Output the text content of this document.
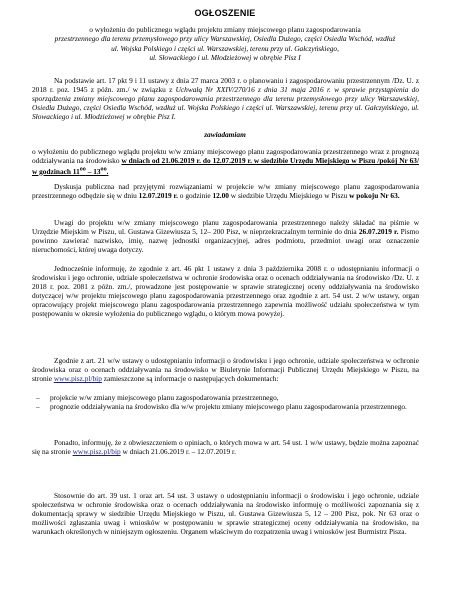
OGŁOSZENIE
o wyłożeniu do publicznego wglądu projektu zmiany miejscowego planu zagospodarowania
przestrzennego dla terenu przemysłowego przy ulicy Warszawskiej, Osiedla Dużego, części Osiedla Wschód, wzdłuż
ul. Wojska Polskiego i części ul. Warszawskiej, terenu przy ul. Gałczyńskiego,
ul. Słowackiego i ul. Młodzieżowej w obrębie Pisz I

Na podstawie art. 17 pkt 9 i 11 ustawy z dnia 27 marca 2003 r. o planowaniu i zagospodarowaniu przestrzennym /Dz. U. z 2018 r. poz. 1945 z późn. zm./ w związku z Uchwałą Nr XXIV/270/16 z dnia 31 maja 2016 r. w sprawie przystąpienia do sporządzenia zmiany miejscowego planu zagospodarowania przestrzennego dla terenu przemysłowego przy ulicy Warszawskiej, Osiedla Dużego, części Osiedla Wschód, wzdłuż ul. Wojska Polskiego i części ul. Warszawskiej, terenu przy ul. Gałczyńskiego, ul. Słowackiego i ul. Młodzieżowej w obrębie Pisz I.

zawiadamiam

o wyłożeniu do publicznego wglądu projektu w/w zmiany miejscowego planu zagospodarowania przestrzennego wraz z prognozą oddziaływania na środowisko w dniach od 21.06.2019 r. do 12.07.2019 r. w siedzibie Urzędu Miejskiego w Piszu /pokój Nr 63/ w godzinach $11^{oo} - 13^{oo}$.

Dyskusja publiczna nad przyjętymi rozwiązaniami w projekcie w/w zmiany miejscowego planu zagospodarowania przestrzennego odbędzie się w dniu 12.07.2019 r. o godzinie 12.00 w siedzibie Urzędu Miejskiego w Piszu w pokoju Nr 63.

Uwagi do projektu w/w zmiany miejscowego planu zagospodarowania przestrzennego należy składać na piśmie w Urzędzie Miejskim w Piszu, ul. Gustawa Gizewiusza 5, 12– 200 Pisz, w nieprzekraczalnym terminie do dnia 26.07.2019 r. Pismo powinno zawierać nazwisko, imię, nazwę jednostki organizacyjnej, adres podmiotu, przedmiot uwagi oraz oznaczenie nieruchomości, której uwaga dotyczy.

Jednocześnie informuję, że zgodnie z art. 46 pkt 1 ustawy z dnia 3 października 2008 r. o udostępnianiu informacji o środowisku i jego ochronie, udziale społeczeństwa w ochronie środowiska oraz o ocenach oddziaływania na środowisko /Dz. U. z 2018 r. poz. 2081 z późn. zm./, prowadzone jest postępowanie w sprawie strategicznej oceny oddziaływania na środowisko dotyczącej w/w projektu miejscowego planu zagospodarowania przestrzennego oraz zgodnie z art. 54 ust. 2 w/w ustawy, organ opracowujący projekt miejscowego planu zagospodarowania przestrzennego zapewnia możliwość udziału społeczeństwa w tym postępowaniu w okresie wyłożenia do publicznego wglądu, o którym mowa powyżej.

Zgodnie z art. 21 w/w ustawy o udostępnianiu informacji o środowisku i jego ochronie, udziale społeczeństwa w ochronie środowiska oraz o ocenach oddziaływania na środowisko w Biuletynie Informacji Publicznej Urzędu Miejskiego w Piszu, na stronie www.pisz.pl/bip zamieszczone są informacje o następujących dokumentach:

– projekcie w/w zmiany miejscowego planu zagospodarowania przestrzennego,
– prognozie oddziaływania na środowisko dla w/w projektu zmiany miejscowego planu zagospodarowania przestrzennego.

Ponadto, informuję, że z obwieszczeniem o opiniach, o których mowa w art. 54 ust. 1 w/w ustawy, będzie można zapoznać się na stronie www.pisz.pl/bip w dniach 21.06.2019 r. – 12.07.2019 r.

Stosownie do art. 39 ust. 1 oraz art. 54 ust. 3 ustawy o udostępnianiu informacji o środowisku i jego ochronie, udziale społeczeństwa w ochronie środowiska oraz o ocenach oddziaływania na środowisko informuję o możliwości zapoznania się z dokumentacją sprawy w siedzibie Urzędu Miejskiego w Piszu, ul. Gustawa Gizewiusza 5, 12 – 200 Pisz, pok. Nr 63 oraz o możliwości zgłaszania uwag i wniosków w postępowaniu w sprawie strategicznej oceny oddziaływania na środowisko, na warunkach określonych w niniejszym ogłoszeniu. Organem właściwym do rozpatrzenia uwag i wniosków jest Burmistrz Pisza.
